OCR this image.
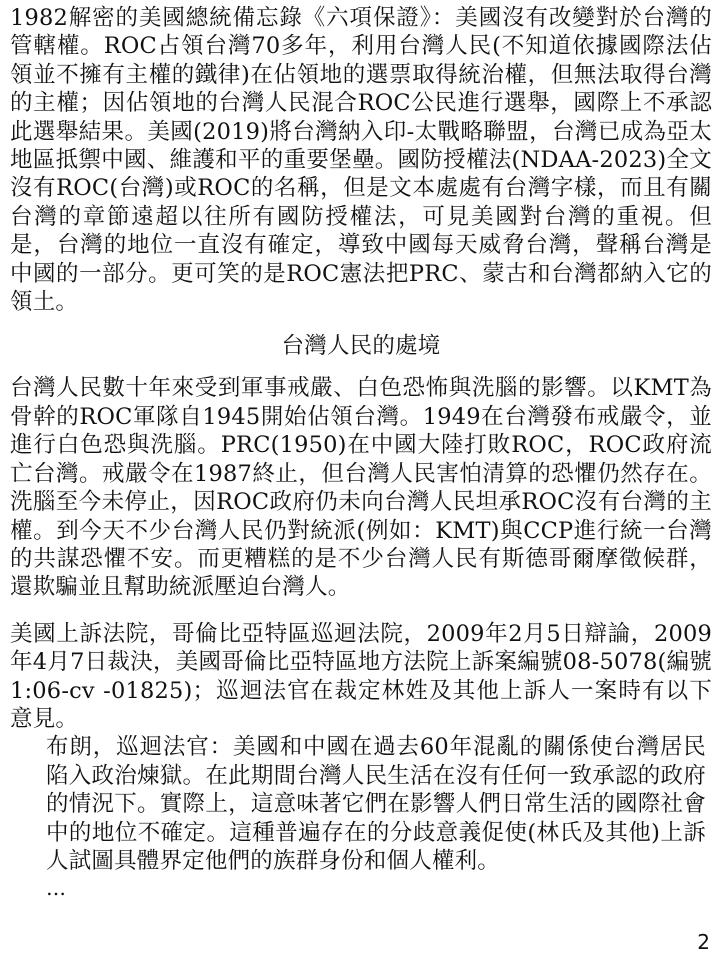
1982解密的美國總統備忘錄《六項保證》：美國沒有改變對於台灣的管轄權。ROC占領台灣70多年，利用台灣人民(不知道依據國際法佔領並不擁有主權的鐵律)在佔領地的選票取得統治權，但無法取得台灣的主權；因佔領地的台灣人民混合ROC公民進行選舉，國際上不承認此選舉結果。美國(2019)將台灣納入印-太戰略聯盟，台灣已成為亞太地區抵禦中國、維護和平的重要堡壘。國防授權法(NDAA-2023)全文沒有ROC(台灣)或ROC的名稱，但是文本處處有台灣字樣，而且有關台灣的章節遠超以往所有國防授權法，可見美國對台灣的重視。但是，台灣的地位一直沒有確定，導致中國每天威脅台灣，聲稱台灣是中國的一部分。更可笑的是ROC憲法把PRC、蒙古和台灣都納入它的領土。

台灣人民的處境

台灣人民數十年來受到軍事戒嚴、白色恐怖與洗腦的影響。以KMT為骨幹的ROC軍隊自1945開始佔領台灣。1949在台灣發布戒嚴令，並進行白色恐與洗腦。PRC(1950)在中國大陸打敗ROC，ROC政府流亡台灣。戒嚴令在1987終止，但台灣人民害怕清算的恐懼仍然存在。洗腦至今未停止，因ROC政府仍未向台灣人民坦承ROC沒有台灣的主權。到今天不少台灣人民仍對統派(例如：KMT)與CCP進行統一台灣的共謀恐懼不安。而更糟糕的是不少台灣人民有斯德哥爾摩徵候群，還欺騙並且幫助統派壓迫台灣人。

美國上訴法院，哥倫比亞特區巡迴法院，2009年2月5日辯論，2009年4月7日裁決，美國哥倫比亞特區地方法院上訴案編號08-5078(編號1:06-cv -01825)；巡迴法官在裁定林姓及其他上訴人一案時有以下意見。

布朗，巡迴法官：美國和中國在過去60年混亂的關係使台灣居民陷入政治煉獄。在此期間台灣人民生活在沒有任何一致承認的政府的情況下。實際上，這意味著它們在影響人們日常生活的國際社會中的地位不確定。這種普遍存在的分歧意義促使(林氏及其他)上訴人試圖具體界定他們的族群身份和個人權利。

…

2
